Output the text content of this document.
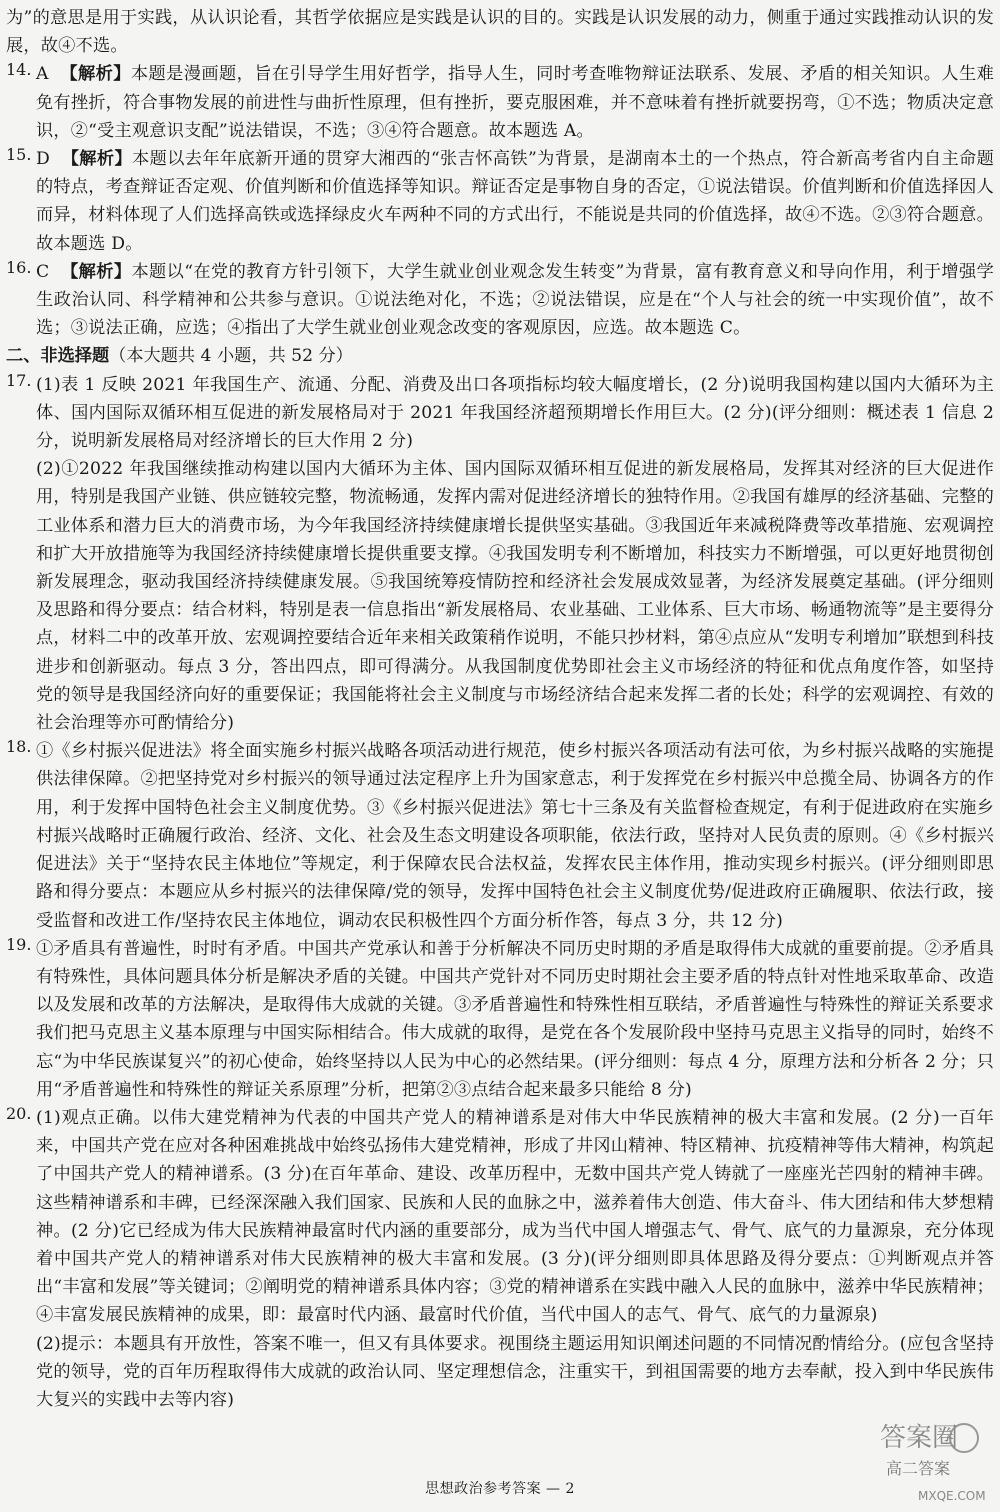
为”的意思是用于实践，从认识论看，其哲学依据应是实践是认识的目的。实践是认识发展的动力，侧重于通过实践推动认识的发展，故④不选。

14. A 【解析】本题是漫画题，旨在引导学生用好哲学，指导人生，同时考查唯物辩证法联系、发展、矛盾的相关知识。人生难免有挫折，符合事物发展的前进性与曲折性原理，但有挫折，要克服困难，并不意味着有挫折就要拐弯，①不选；物质决定意识，②“受主观意识支配”说法错误，不选；③④符合题意。故本题选 A。

15. D 【解析】本题以去年年底新开通的贯穿大湘西的“张吉怀高铁”为背景，是湖南本土的一个热点，符合新高考省内自主命题的特点，考查辩证否定观、价值判断和价值选择等知识。辩证否定是事物自身的否定，①说法错误。价值判断和价值选择因人而异，材料体现了人们选择高铁或选择绿皮火车两种不同的方式出行，不能说是共同的价值选择，故④不选。②③符合题意。故本题选 D。

16. C 【解析】本题以“在党的教育方针引领下，大学生就业创业观念发生转变”为背景，富有教育意义和导向作用，利于增强学生政治认同、科学精神和公共参与意识。①说法绝对化，不选；②说法错误，应是在“个人与社会的统一中实现价值”，故不选；③说法正确，应选；④指出了大学生就业创业观念改变的客观原因，应选。故本题选 C。

二、非选择题（本大题共 4 小题，共 52 分）

17. (1)表 1 反映 2021 年我国生产、流通、分配、消费及出口各项指标均较大幅度增长，(2 分)说明我国构建以国内大循环为主体、国内国际双循环相互促进的新发展格局对于 2021 年我国经济超预期增长作用巨大。(2 分)(评分细则：概述表 1 信息 2 分，说明新发展格局对经济增长的巨大作用 2 分)

(2)①2022 年我国继续推动构建以国内大循环为主体、国内国际双循环相互促进的新发展格局，发挥其对经济的巨大促进作用，特别是我国产业链、供应链较完整，物流畅通，发挥内需对促进经济增长的独特作用。②我国有雄厚的经济基础、完整的工业体系和潜力巨大的消费市场，为今年我国经济持续健康增长提供坚实基础。③我国近年来减税降费等改革措施、宏观调控和扩大开放措施等为我国经济持续健康增长提供重要支撑。④我国发明专利不断增加，科技实力不断增强，可以更好地贯彻创新发展理念，驱动我国经济持续健康发展。⑤我国统筹疫情防控和经济社会发展成效显著，为经济发展奠定基础。(评分细则及思路和得分要点：结合材料，特别是表一信息指出“新发展格局、农业基础、工业体系、巨大市场、畅通物流等”是主要得分点，材料二中的改革开放、宏观调控要结合近年来相关政策稍作说明，不能只抄材料，第④点应从“发明专利增加”联想到科技进步和创新驱动。每点 3 分，答出四点，即可得满分。从我国制度优势即社会主义市场经济的特征和优点角度作答，如坚持党的领导是我国经济向好的重要保证；我国能将社会主义制度与市场经济结合起来发挥二者的长处；科学的宏观调控、有效的社会治理等亦可酌情给分)

18. ①《乡村振兴促进法》将全面实施乡村振兴战略各项活动进行规范，使乡村振兴各项活动有法可依，为乡村振兴战略的实施提供法律保障。②把坚持党对乡村振兴的领导通过法定程序上升为国家意志，利于发挥党在乡村振兴中总揽全局、协调各方的作用，利于发挥中国特色社会主义制度优势。③《乡村振兴促进法》第七十三条及有关监督检查规定，有利于促进政府在实施乡村振兴战略时正确履行政治、经济、文化、社会及生态文明建设各项职能，依法行政，坚持对人民负责的原则。④《乡村振兴促进法》关于“坚持农民主体地位”等规定，利于保障农民合法权益，发挥农民主体作用，推动实现乡村振兴。(评分细则即思路和得分要点：本题应从乡村振兴的法律保障/党的领导，发挥中国特色社会主义制度优势/促进政府正确履职、依法行政，接受监督和改进工作/坚持农民主体地位，调动农民积极性四个方面分析作答，每点 3 分，共 12 分)

19. ①矛盾具有普遍性，时时有矛盾。中国共产党承认和善于分析解决不同历史时期的矛盾是取得伟大成就的重要前提。②矛盾具有特殊性，具体问题具体分析是解决矛盾的关键。中国共产党针对不同历史时期社会主要矛盾的特点针对性地采取革命、改造以及发展和改革的方法解决，是取得伟大成就的关键。③矛盾普遍性和特殊性相互联结，矛盾普遍性与特殊性的辩证关系要求我们把马克思主义基本原理与中国实际相结合。伟大成就的取得，是党在各个发展阶段中坚持马克思主义指导的同时，始终不忘“为中华民族谋复兴”的初心使命，始终坚持以人民为中心的必然结果。(评分细则：每点 4 分，原理方法和分析各 2 分；只用“矛盾普遍性和特殊性的辩证关系原理”分析，把第②③点结合起来最多只能给 8 分)

20. (1)观点正确。以伟大建党精神为代表的中国共产党人的精神谱系是对伟大中华民族精神的极大丰富和发展。(2 分)一百年来，中国共产党在应对各种困难挑战中始终弘扬伟大建党精神，形成了井冈山精神、特区精神、抗疫精神等伟大精神，构筑起了中国共产党人的精神谱系。(3 分)在百年革命、建设、改革历程中，无数中国共产党人铸就了一座座光芒四射的精神丰碑。这些精神谱系和丰碑，已经深深融入我们国家、民族和人民的血脉之中，滋养着伟大创造、伟大奋斗、伟大团结和伟大梦想精神。(2 分)它已经成为伟大民族精神最富时代内涵的重要部分，成为当代中国人增强志气、骨气、底气的力量源泉，充分体现着中国共产党人的精神谱系对伟大民族精神的极大丰富和发展。(3 分)(评分细则即具体思路及得分要点：①判断观点并答出“丰富和发展”等关键词；②阐明党的精神谱系具体内容；③党的精神谱系在实践中融入人民的血脉中，滋养中华民族精神；④丰富发展民族精神的成果，即：最富时代内涵、最富时代价值，当代中国人的志气、骨气、底气的力量源泉)

(2)提示：本题具有开放性，答案不唯一，但又有具体要求。视围绕主题运用知识阐述问题的不同情况酌情给分。(应包含坚持党的领导，党的百年历程取得伟大成就的政治认同、坚定理想信念，注重实干，到祖国需要的地方去奉献，投入到中华民族伟大复兴的实践中去等内容)

答案圈
高二答案
MXQE.COM
思想政治参考答案 — 2
